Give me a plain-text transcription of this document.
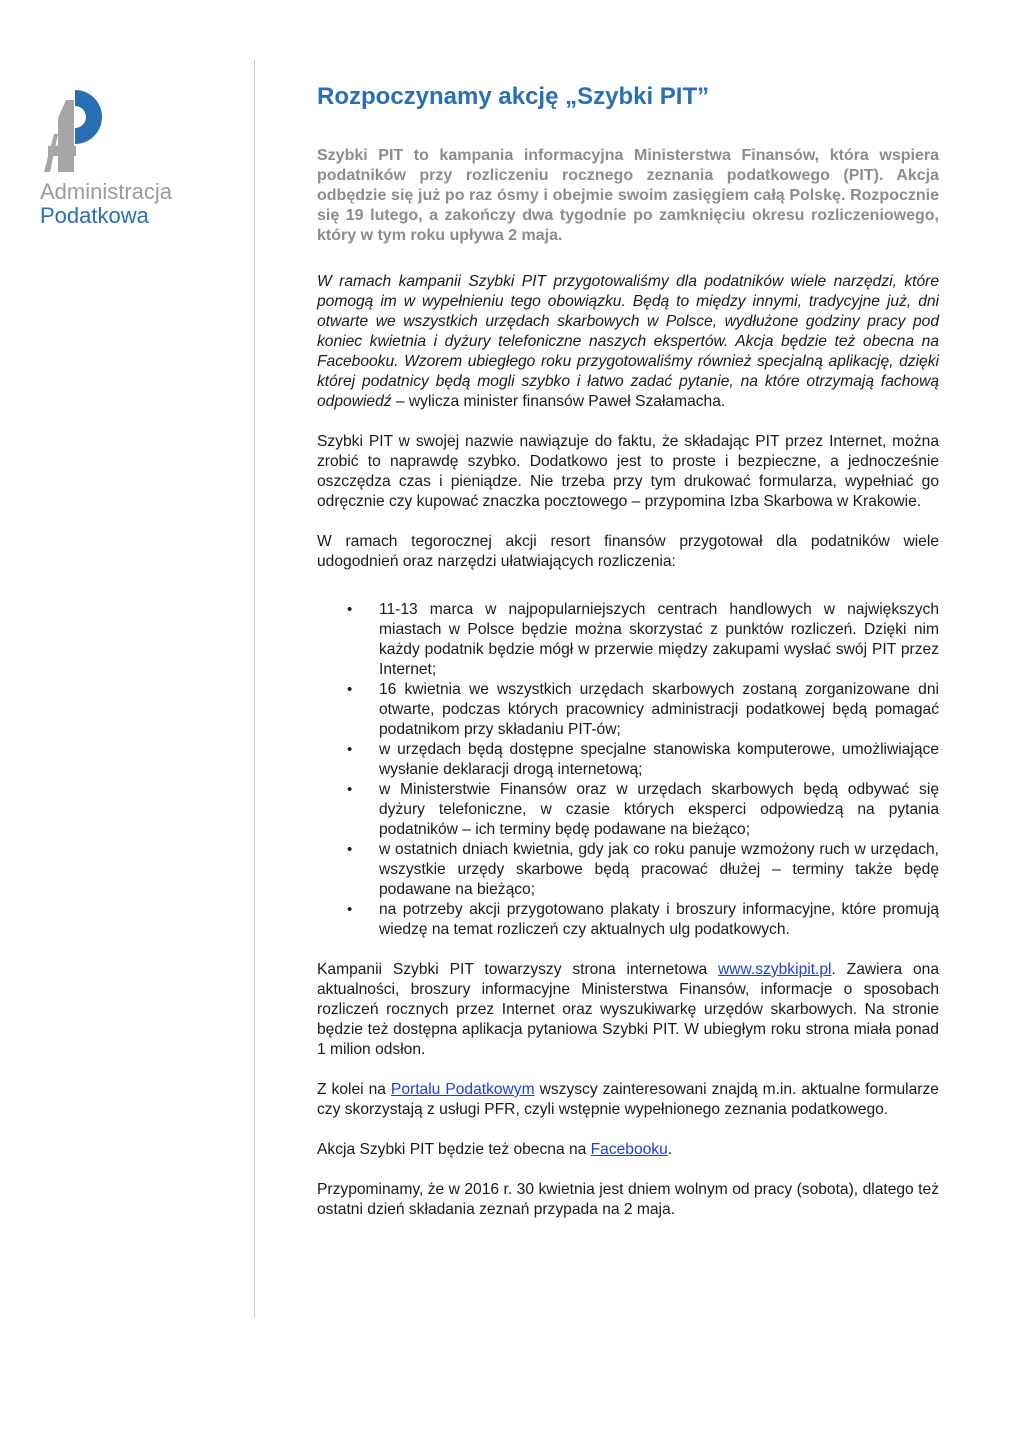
Administracja
Podatkowa
Rozpoczynamy akcję „Szybki PIT”

Szybki PIT to kampania informacyjna Ministerstwa Finansów, która wspiera podatników przy rozliczeniu rocznego zeznania podatkowego (PIT). Akcja odbędzie się już po raz ósmy i obejmie swoim zasięgiem całą Polskę. Rozpocznie się 19 lutego, a zakończy dwa tygodnie po zamknięciu okresu rozliczeniowego, który w tym roku upływa 2 maja.

W ramach kampanii Szybki PIT przygotowaliśmy dla podatników wiele narzędzi, które pomogą im w wypełnieniu tego obowiązku. Będą to między innymi, tradycyjne już, dni otwarte we wszystkich urzędach skarbowych w Polsce, wydłużone godziny pracy pod koniec kwietnia i dyżury telefoniczne naszych ekspertów. Akcja będzie też obecna na Facebooku. Wzorem ubiegłego roku przygotowaliśmy również specjalną aplikację, dzięki której podatnicy będą mogli szybko i łatwo zadać pytanie, na które otrzymają fachową odpowiedź – wylicza minister finansów Paweł Szałamacha.

Szybki PIT w swojej nazwie nawiązuje do faktu, że składając PIT przez Internet, można zrobić to naprawdę szybko. Dodatkowo jest to proste i bezpieczne, a jednocześnie oszczędza czas i pieniądze. Nie trzeba przy tym drukować formularza, wypełniać go odręcznie czy kupować znaczka pocztowego – przypomina Izba Skarbowa w Krakowie.

W ramach tegorocznej akcji resort finansów przygotował dla podatników wiele udogodnień oraz narzędzi ułatwiających rozliczenia:

• 11-13 marca w najpopularniejszych centrach handlowych w największych miastach w Polsce będzie można skorzystać z punktów rozliczeń. Dzięki nim każdy podatnik będzie mógł w przerwie między zakupami wysłać swój PIT przez Internet;
• 16 kwietnia we wszystkich urzędach skarbowych zostaną zorganizowane dni otwarte, podczas których pracownicy administracji podatkowej będą pomagać podatnikom przy składaniu PIT-ów;
• w urzędach będą dostępne specjalne stanowiska komputerowe, umożliwiające wysłanie deklaracji drogą internetową;
• w Ministerstwie Finansów oraz w urzędach skarbowych będą odbywać się dyżury telefoniczne, w czasie których eksperci odpowiedzą na pytania podatników – ich terminy będę podawane na bieżąco;
• w ostatnich dniach kwietnia, gdy jak co roku panuje wzmożony ruch w urzędach, wszystkie urzędy skarbowe będą pracować dłużej – terminy także będę podawane na bieżąco;
• na potrzeby akcji przygotowano plakaty i broszury informacyjne, które promują wiedzę na temat rozliczeń czy aktualnych ulg podatkowych.

Kampanii Szybki PIT towarzyszy strona internetowa www.szybkipit.pl. Zawiera ona aktualności, broszury informacyjne Ministerstwa Finansów, informacje o sposobach rozliczeń rocznych przez Internet oraz wyszukiwarkę urzędów skarbowych. Na stronie będzie też dostępna aplikacja pytaniowa Szybki PIT. W ubiegłym roku strona miała ponad 1 milion odsłon.

Z kolei na Portalu Podatkowym wszyscy zainteresowani znajdą m.in. aktualne formularze czy skorzystają z usługi PFR, czyli wstępnie wypełnionego zeznania podatkowego.

Akcja Szybki PIT będzie też obecna na Facebooku.

Przypominamy, że w 2016 r. 30 kwietnia jest dniem wolnym od pracy (sobota), dlatego też ostatni dzień składania zeznań przypada na 2 maja.
